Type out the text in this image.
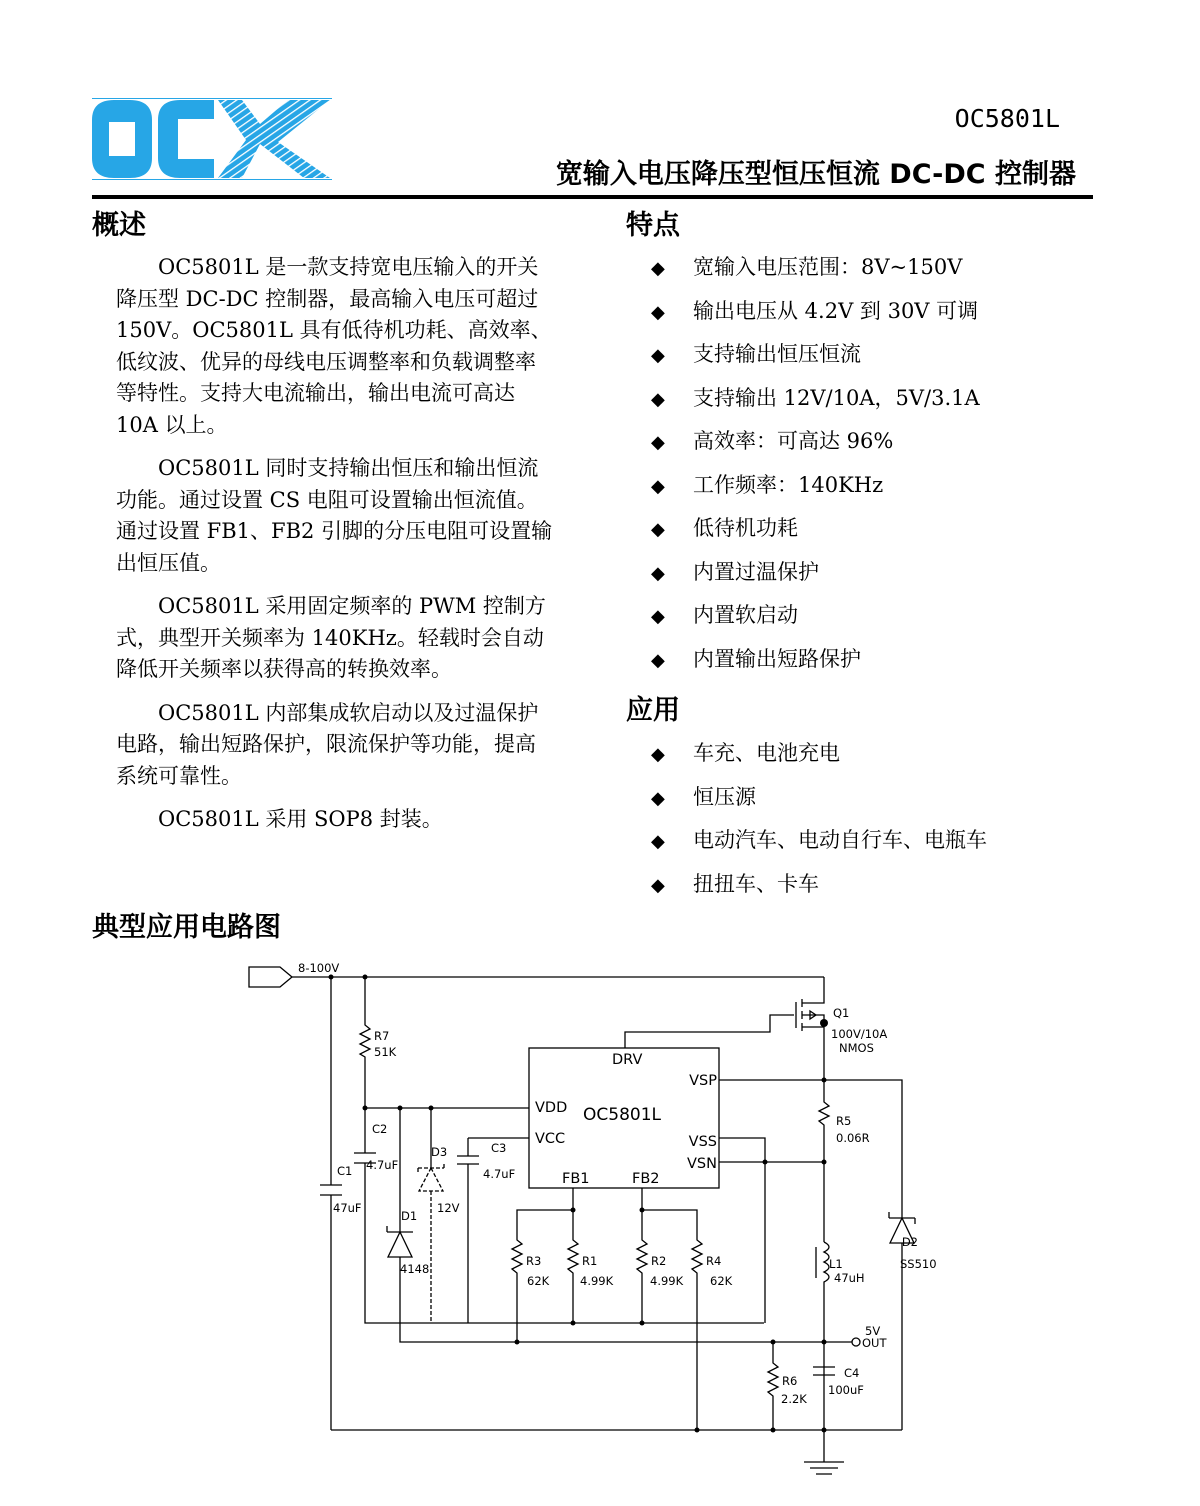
OC5801L
宽输入电压降压型恒压恒流 DC-DC 控制器
概述	特点
应用
典型应用电路图

OC5801L 是一款支持宽电压输入的开关降压型 DC-DC 控制器，最高输入电压可超过 150V。OC5801L 具有低待机功耗、高效率、低纹波、优异的母线电压调整率和负载调整率等特性。支持大电流输出，输出电流可高达 10A 以上。

OC5801L 同时支持输出恒压和输出恒流功能。通过设置 CS 电阻可设置输出恒流值。通过设置 FB1、FB2 引脚的分压电阻可设置输出恒压值。

OC5801L 采用固定频率的 PWM 控制方式，典型开关频率为 140KHz。轻载时会自动降低开关频率以获得高的转换效率。

OC5801L 内部集成软启动以及过温保护电路，输出短路保护，限流保护等功能，提高系统可靠性。

OC5801L 采用 SOP8 封装。

◆ 宽输入电压范围：8V~150V
◆ 输出电压从 4.2V 到 30V 可调
◆ 支持输出恒压恒流
◆ 支持输出 12V/10A，5V/3.1A
◆ 高效率：可高达 96%
◆ 工作频率：140KHz
◆ 低待机功耗
◆ 内置过温保护
◆ 内置软启动
◆ 内置输出短路保护
◆ 车充、电池充电
◆ 恒压源
◆ 电动汽车、电动自行车、电瓶车
◆ 扭扭车、卡车
8-100V
R7
51K
C2
4.7uF
C1
47uF
D3
12V
D1
4148
C3
4.7uF
Q1
100V/10A
NMOS
R5
0.06R
D2
SS510
L1
47uH
R3
62K
R1
4.99K
R2
4.99K
R4
62K
5V
OUT
R6
2.2K
C4
100uF
DRV
VSP
VDD
VCC	VSS
VSN
FB1	FB2
OC5801L
